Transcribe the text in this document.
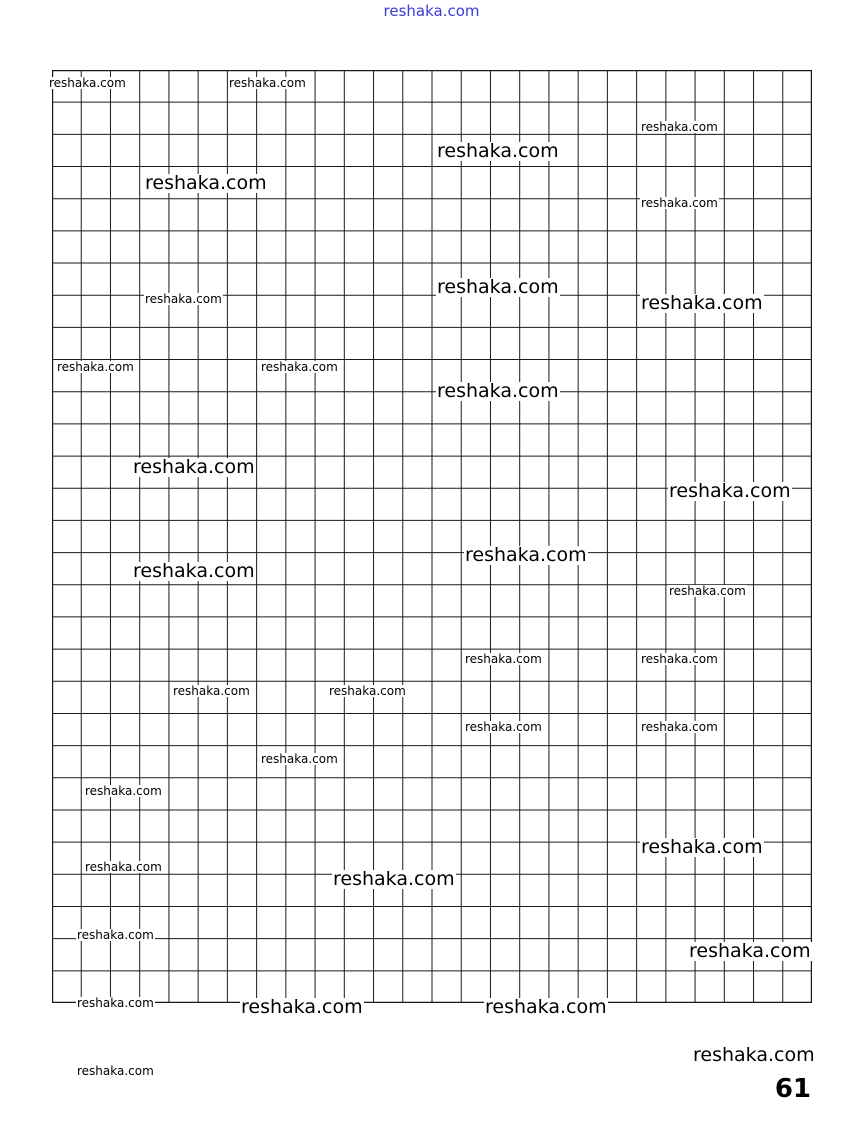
reshaka.com
reshaka.com	reshaka.com
reshaka.com
reshaka.com
reshaka.com
reshaka.com
reshaka.com
reshaka.com	reshaka.com
reshaka.com	reshaka.com
reshaka.com
reshaka.com
reshaka.com
reshaka.com
reshaka.com
reshaka.com
reshaka.com	reshaka.com
reshaka.com	reshaka.com
reshaka.com	reshaka.com
reshaka.com
reshaka.com
reshaka.com
reshaka.com
reshaka.com
reshaka.com
reshaka.com
reshaka.com	reshaka.com	reshaka.com
reshaka.com
reshaka.com
61
